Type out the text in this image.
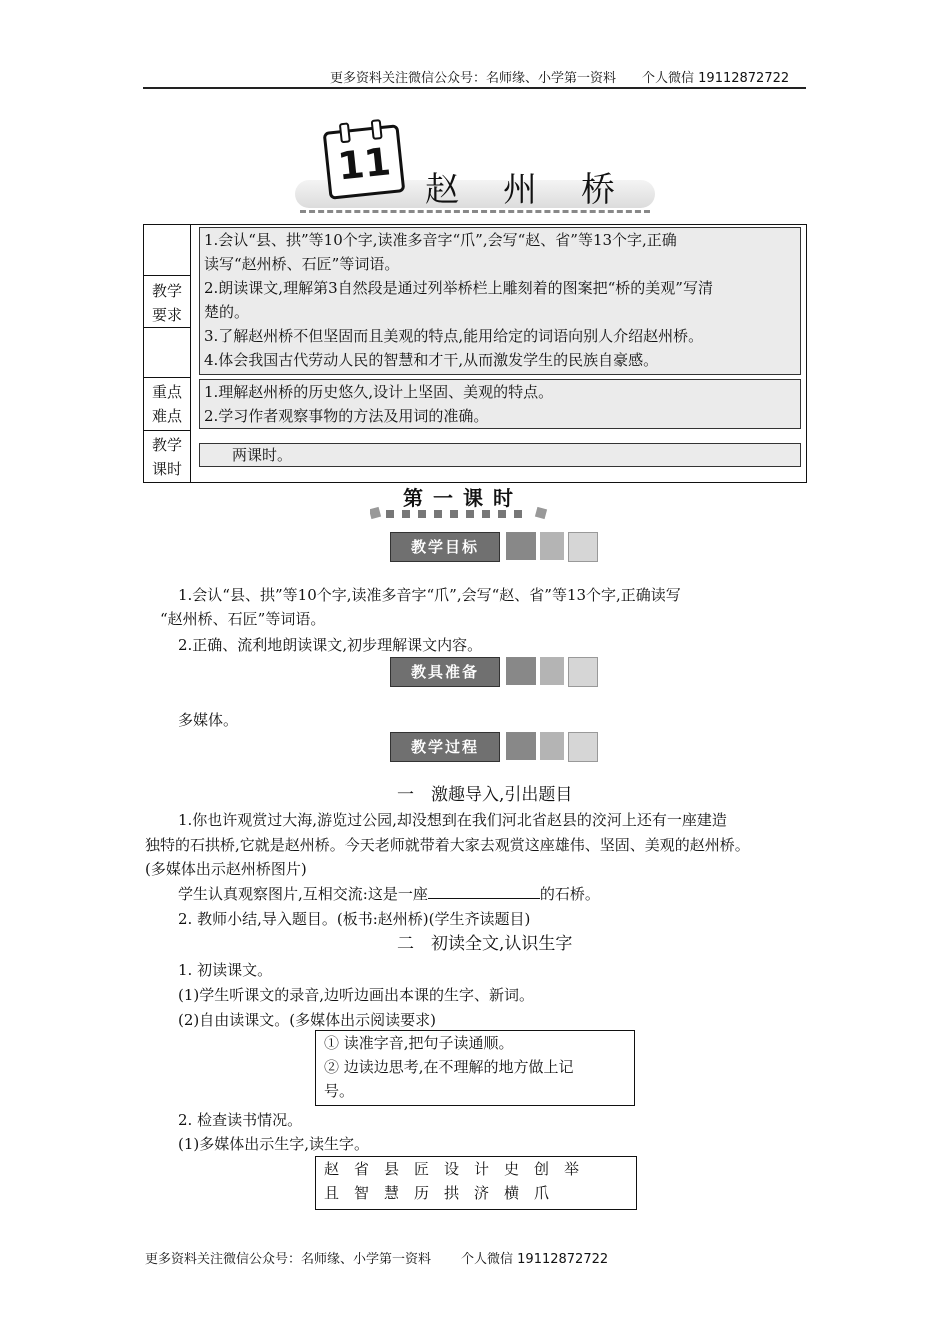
更多资料关注微信公众号：名师缘、小学第一资料 个人微信 19112872722
11
赵州桥
教学
要求
重点
难点
教学
课时

1.会认“县、拱”等10个字,读准多音字“爪”,会写“赵、省”等13个字,正确

读写“赵州桥、石匠”等词语。

2.朗读课文,理解第3自然段是通过列举桥栏上雕刻着的图案把“桥的美观”写清

楚的。

3.了解赵州桥不但坚固而且美观的特点,能用给定的词语向别人介绍赵州桥。

4.体会我国古代劳动人民的智慧和才干,从而激发学生的民族自豪感。

1.理解赵州桥的历史悠久,设计上坚固、美观的特点。

2.学习作者观察事物的方法及用词的准确。

两课时。

第一课时
教学目标
1.会认“县、拱”等10个字,读准多音字“爪”,会写“赵、省”等13个字,正确读写
“赵州桥、石匠”等词语。
2.正确、流利地朗读课文,初步理解课文内容。
教具准备
多媒体。
教学过程
一　激趣导入,引出题目
1.你也许观赏过大海,游览过公园,却没想到在我们河北省赵县的洨河上还有一座建造
独特的石拱桥,它就是赵州桥。今天老师就带着大家去观赏这座雄伟、坚固、美观的赵州桥。
(多媒体出示赵州桥图片)
学生认真观察图片,互相交流:这是一座	的石桥。
2. 教师小结,导入题目。(板书:赵州桥)(学生齐读题目)
二　初读全文,认识生字
1. 初读课文。
(1)学生听课文的录音,边听边画出本课的生字、新词。
(2)自由读课文。(多媒体出示阅读要求)

① 读准字音,把句子读通顺。

② 边读边思考,在不理解的地方做上记

号。

2. 检查读书情况。
(1)多媒体出示生字,读生字。

赵省县匠设计史创举

且智慧历拱济横爪

更多资料关注微信公众号：名师缘、小学第一资料 个人微信 19112872722
